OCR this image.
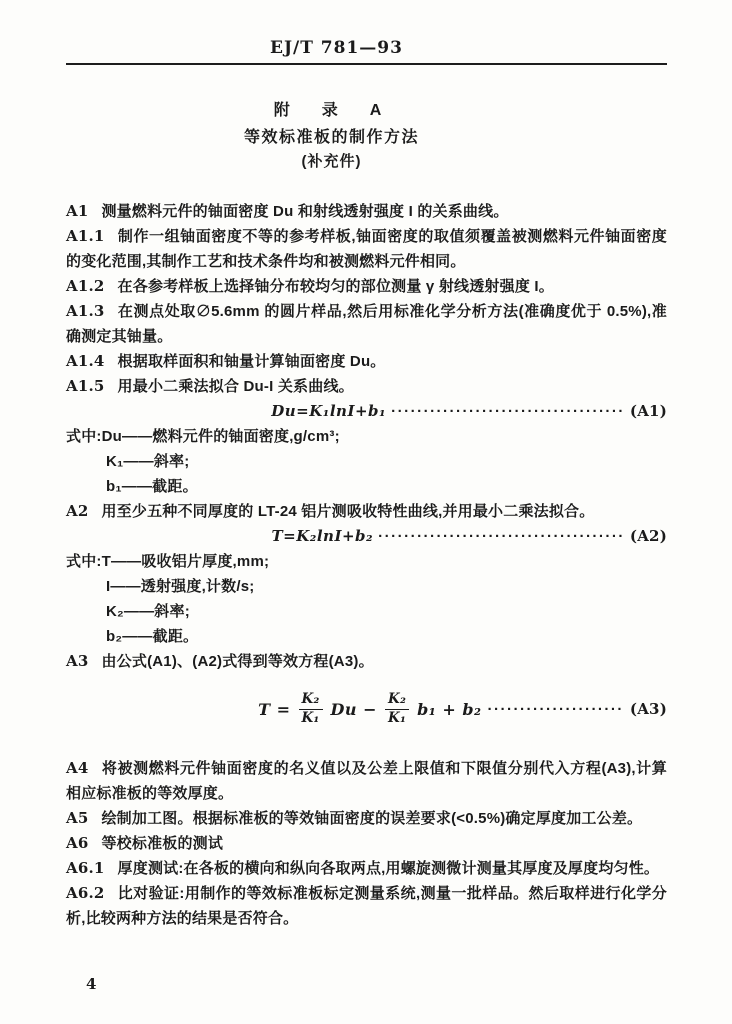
EJ/T 781—93
附　录　A
等效标准板的制作方法
(补充件)

A1 测量燃料元件的铀面密度 Du 和射线透射强度 I 的关系曲线。

A1.1 制作一组铀面密度不等的参考样板,铀面密度的取值须覆盖被测燃料元件铀面密度的变化范围,其制作工艺和技术条件均和被测燃料元件相同。

A1.2 在各参考样板上选择铀分布较均匀的部位测量 γ 射线透射强度 I。

A1.3 在测点处取∅5.6mm 的圆片样品,然后用标准化学分析方法(准确度优于 0.5%),准确测定其铀量。

A1.4 根据取样面积和铀量计算铀面密度 Du。

A1.5 用最小二乘法拟合 Du-I 关系曲线。

Du=K₁lnI+b₁ ···································· (A1)

式中:Du——燃料元件的铀面密度,g/cm³;

K₁——斜率;

b₁——截距。

A2 用至少五种不同厚度的 LT-24 铝片测吸收特性曲线,并用最小二乘法拟合。

T=K₂lnI+b₂ ······································ (A2)

式中:T——吸收铝片厚度,mm;

I——透射强度,计数/s;

K₂——斜率;

b₂——截距。

A3 由公式(A1)、(A2)式得到等效方程(A3)。

$T = \frac{\text{K₂}}{\text{K₁}}$ $Du - \frac{\text{K₂}}{\text{K₁}} b_1 + b_2$ ····················· (A3)

A4 将被测燃料元件铀面密度的名义值以及公差上限值和下限值分别代入方程(A3),计算相应标准板的等效厚度。

A5 绘制加工图。根据标准板的等效铀面密度的误差要求(<0.5%)确定厚度加工公差。

A6 等校标准板的测试

A6.1 厚度测试:在各板的横向和纵向各取两点,用螺旋测微计测量其厚度及厚度均匀性。

A6.2 比对验证:用制作的等效标准板标定测量系统,测量一批样品。然后取样进行化学分析,比较两种方法的结果是否符合。

4
